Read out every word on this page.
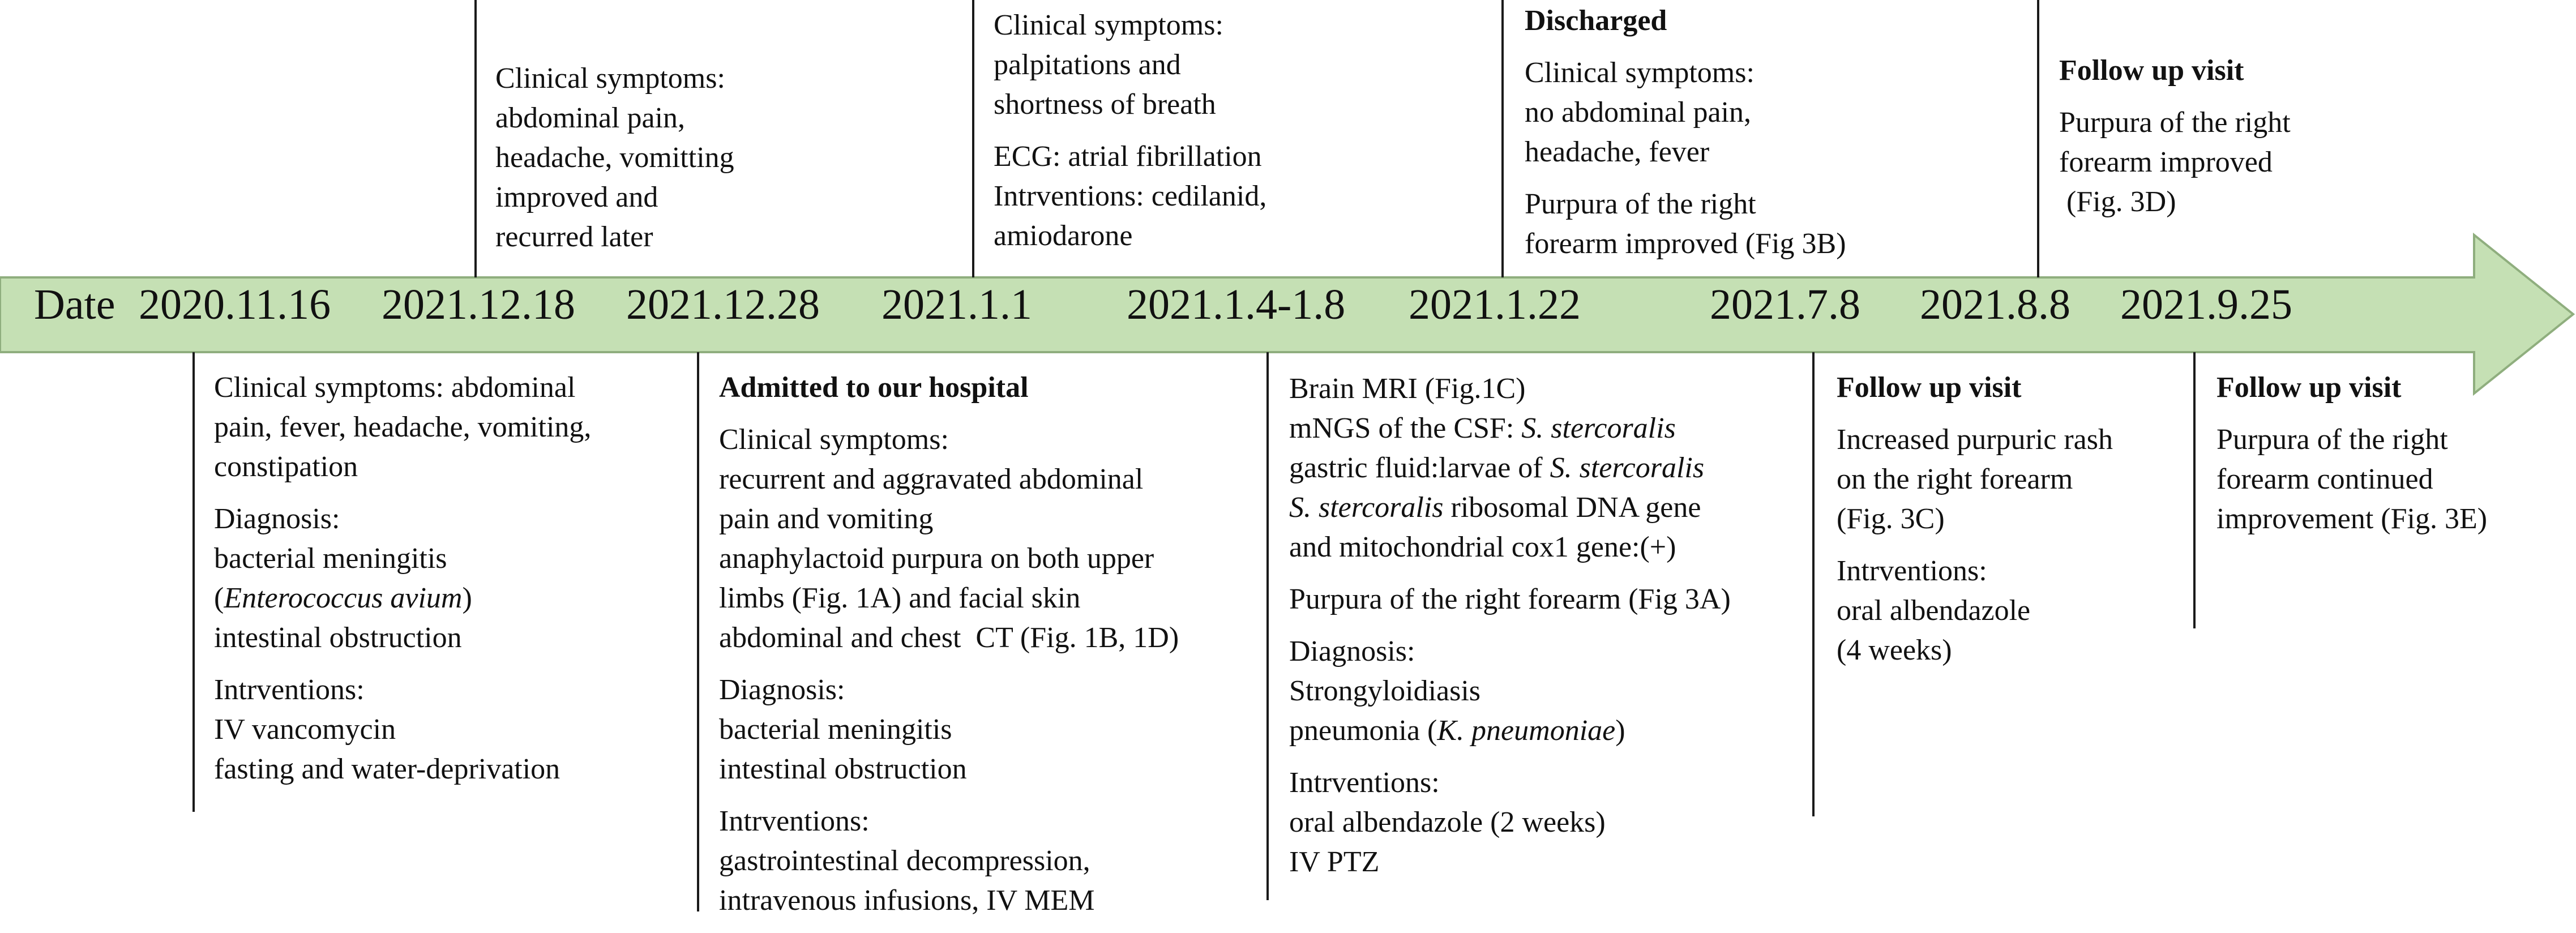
Date 2020.11.16 2021.12.18 2021.12.28 2021.1.1 2021.1.4-1.8 2021.1.22	2021.7.8 2021.8.8 2021.9.25

Clinical symptoms:
abdominal pain,
headache, vomitting
improved and
recurred later

Clinical symptoms:
palpitations and
shortness of breath

ECG: atrial fibrillation
Intrventions: cedilanid,
amiodarone

Discharged

Clinical symptoms:
no abdominal pain,
headache, fever

Purpura of the right
forearm improved (Fig 3B)

Follow up visit

Purpura of the right
forearm improved
(Fig. 3D)

Clinical symptoms: abdominal
pain, fever, headache, vomiting,
constipation

Diagnosis:
bacterial meningitis
(Enterococcus avium)
intestinal obstruction

Intrventions:
IV vancomycin
fasting and water-deprivation

Admitted to our hospital

Clinical symptoms:
recurrent and aggravated abdominal
pain and vomiting
anaphylactoid purpura on both upper
limbs (Fig. 1A) and facial skin
abdominal and chest  CT (Fig. 1B, 1D)

Diagnosis:
bacterial meningitis
intestinal obstruction

Intrventions:
gastrointestinal decompression,
intravenous infusions, IV MEM

Brain MRI (Fig.1C)
mNGS of the CSF: S. stercoralis
gastric fluid:larvae of S. stercoralis
S. stercoralis ribosomal DNA gene
and mitochondrial cox1 gene:(+)

Purpura of the right forearm (Fig 3A)

Diagnosis:
Strongyloidiasis
pneumonia (K. pneumoniae)

Intrventions:
oral albendazole (2 weeks)
IV PTZ

Follow up visit

Increased purpuric rash
on the right forearm
(Fig. 3C)

Intrventions:
oral albendazole
(4 weeks)

Follow up visit

Purpura of the right
forearm continued
improvement (Fig. 3E)
